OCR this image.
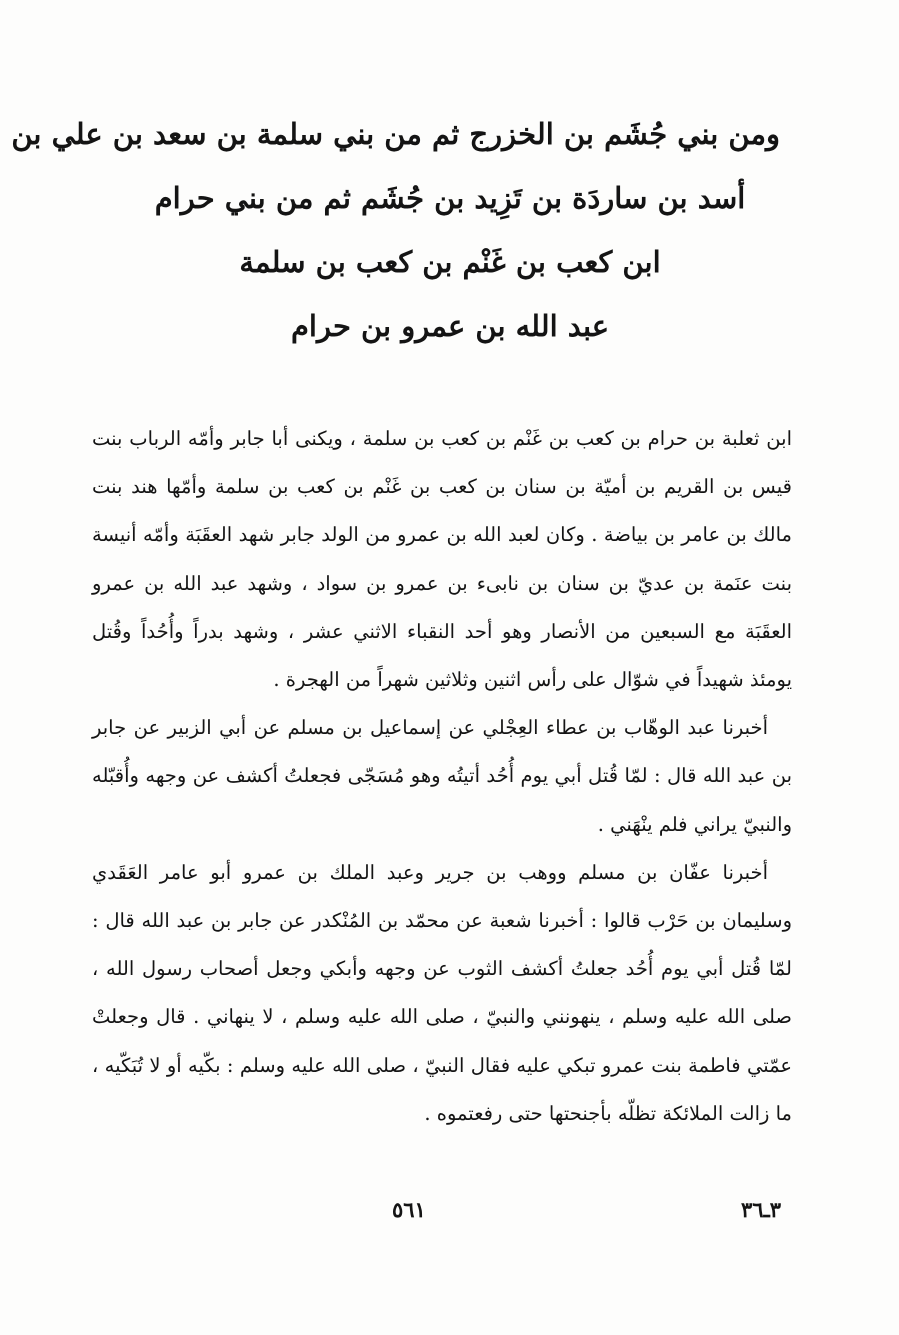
ومن بني جُشَم بن الخزرج ثم من بني سلمة بن سعد بن علي بن
أسد بن ساردَة بن تَزِيد بن جُشَم ثم من بني حرام
ابن كعب بن غَنْم بن كعب بن سلمة
عبد الله بن عمرو بن حرام

ابن ثعلبة بن حرام بن كعب بن غَنْم بن كعب بن سلمة ، ويكنى أبا جابر وأمّه الرباب بنت قيس بن القريم بن أميّة بن سنان بن كعب بن غَنْم بن كعب بن سلمة وأمّها هند بنت مالك بن عامر بن بياضة . وكان لعبد الله بن عمرو من الولد جابر شهد العقَبَة وأمّه أنيسة بنت عنَمة بن عديّ بن سنان بن نابىء بن عمرو بن سواد ، وشهد عبد الله بن عمرو العقَبَة مع السبعين من الأنصار وهو أحد النقباء الاثني عشر ، وشهد بدراً وأُحُداً وقُتل يومئذ شهيداً في شوّال على رأس اثنين وثلاثين شهراً من الهجرة .

أخبرنا عبد الوهّاب بن عطاء العِجْلي عن إسماعيل بن مسلم عن أبي الزبير عن جابر بن عبد الله قال : لمّا قُتل أبي يوم أُحُد أتيتُه وهو مُسَجّى فجعلتُ أكشف عن وجهه وأُقبّله والنبيّ يراني فلم ينْهَني .

أخبرنا عفّان بن مسلم ووهب بن جرير وعبد الملك بن عمرو أبو عامر العَقَدي وسليمان بن حَرْب قالوا : أخبرنا شعبة عن محمّد بن المُنْكدر عن جابر بن عبد الله قال : لمّا قُتل أبي يوم أُحُد جعلتُ أكشف الثوب عن وجهه وأبكي وجعل أصحاب رسول الله ، صلى الله عليه وسلم ، ينهونني والنبيّ ، صلى الله عليه وسلم ، لا ينهاني . قال وجعلتْ عمّتي فاطمة بنت عمرو تبكي عليه فقال النبيّ ، صلى الله عليه وسلم : بكّيه أو لا تُبَكّيه ، ما زالت الملائكة تظلّه بأجنحتها حتى رفعتموه .

٣ـ٣٦
٥٦١
